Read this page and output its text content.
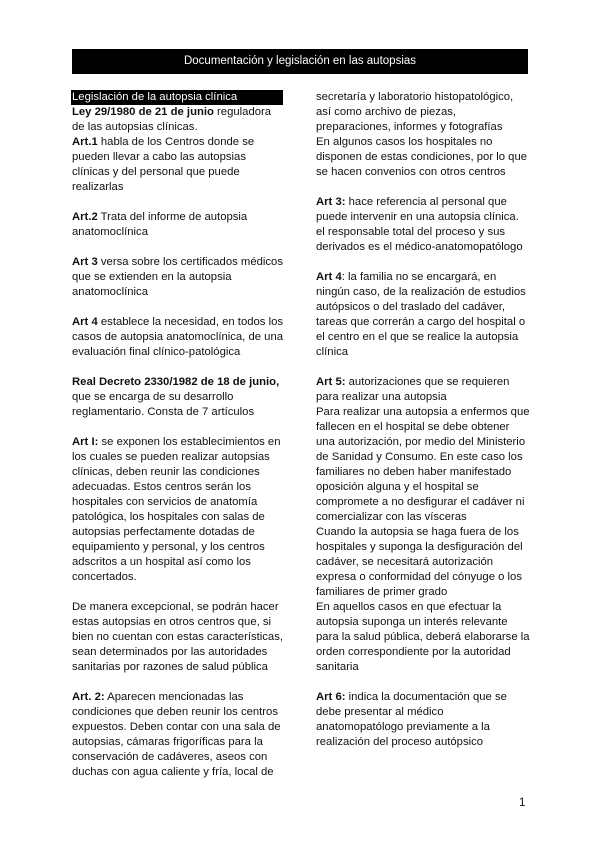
Documentación y legislación en las autopsias

Legislación de la autopsia clínica
Ley 29/1980 de 21 de junio reguladora de las autopsias clínicas.

Art.1 habla de los Centros donde se pueden llevar a cabo las autopsias clínicas y del personal que puede realizarlas

Art.2 Trata del informe de autopsia anatomoclínica

Art 3 versa sobre los certificados médicos que se extienden en la autopsia anatomoclínica

Art 4 establece la necesidad, en todos los casos de autopsia anatomoclínica, de una evaluación final clínico-patológica

Real Decreto 2330/1982 de 18 de junio, que se encarga de su desarrollo reglamentario. Consta de 7 artículos

Art I: se exponen los establecimientos en los cuales se pueden realizar autopsias clínicas, deben reunir las condiciones adecuadas. Estos centros serán los hospitales con servicios de anatomía patológica, los hospitales con salas de autopsias perfectamente dotadas de equipamiento y personal, y los centros adscritos a un hospital así como los concertados.

De manera excepcional, se podrán hacer estas autopsias en otros centros que, si bien no cuentan con estas características, sean determinados por las autoridades sanitarias por razones de salud pública

Art. 2: Aparecen mencionadas las condiciones que deben reunir los centros expuestos. Deben contar con una sala de autopsias, cámaras frigoríficas para la conservación de cadáveres, aseos con duchas con agua caliente y fría, local de

secretaría y laboratorio histopatológico, así como archivo de piezas, preparaciones, informes y fotografías

En algunos casos los hospitales no disponen de estas condiciones, por lo que se hacen convenios con otros centros

Art 3: hace referencia al personal que puede intervenir en una autopsia clínica. el responsable total del proceso y sus derivados es el médico-anatomopatólogo

Art 4: la familia no se encargará, en ningún caso, de la realización de estudios autópsicos o del traslado del cadáver, tareas que correrán a cargo del hospital o el centro en el que se realice la autopsia clínica

Art 5: autorizaciones que se requieren para realizar una autopsia

Para realizar una autopsia a enfermos que fallecen en el hospital se debe obtener una autorización, por medio del Ministerio de Sanidad y Consumo. En este caso los familiares no deben haber manifestado oposición alguna y el hospital se compromete a no desfigurar el cadáver ni comercializar con las vísceras

Cuando la autopsia se haga fuera de los hospitales y suponga la desfiguración del cadáver, se necesitará autorización expresa o conformidad del cónyuge o los familiares de primer grado

En aquellos casos en que efectuar la autopsia suponga un interés relevante para la salud pública, deberá elaborarse la orden correspondiente por la autoridad sanitaria

Art 6: indica la documentación que se debe presentar al médico anatomopatólogo previamente a la realización del proceso autópsico

1
